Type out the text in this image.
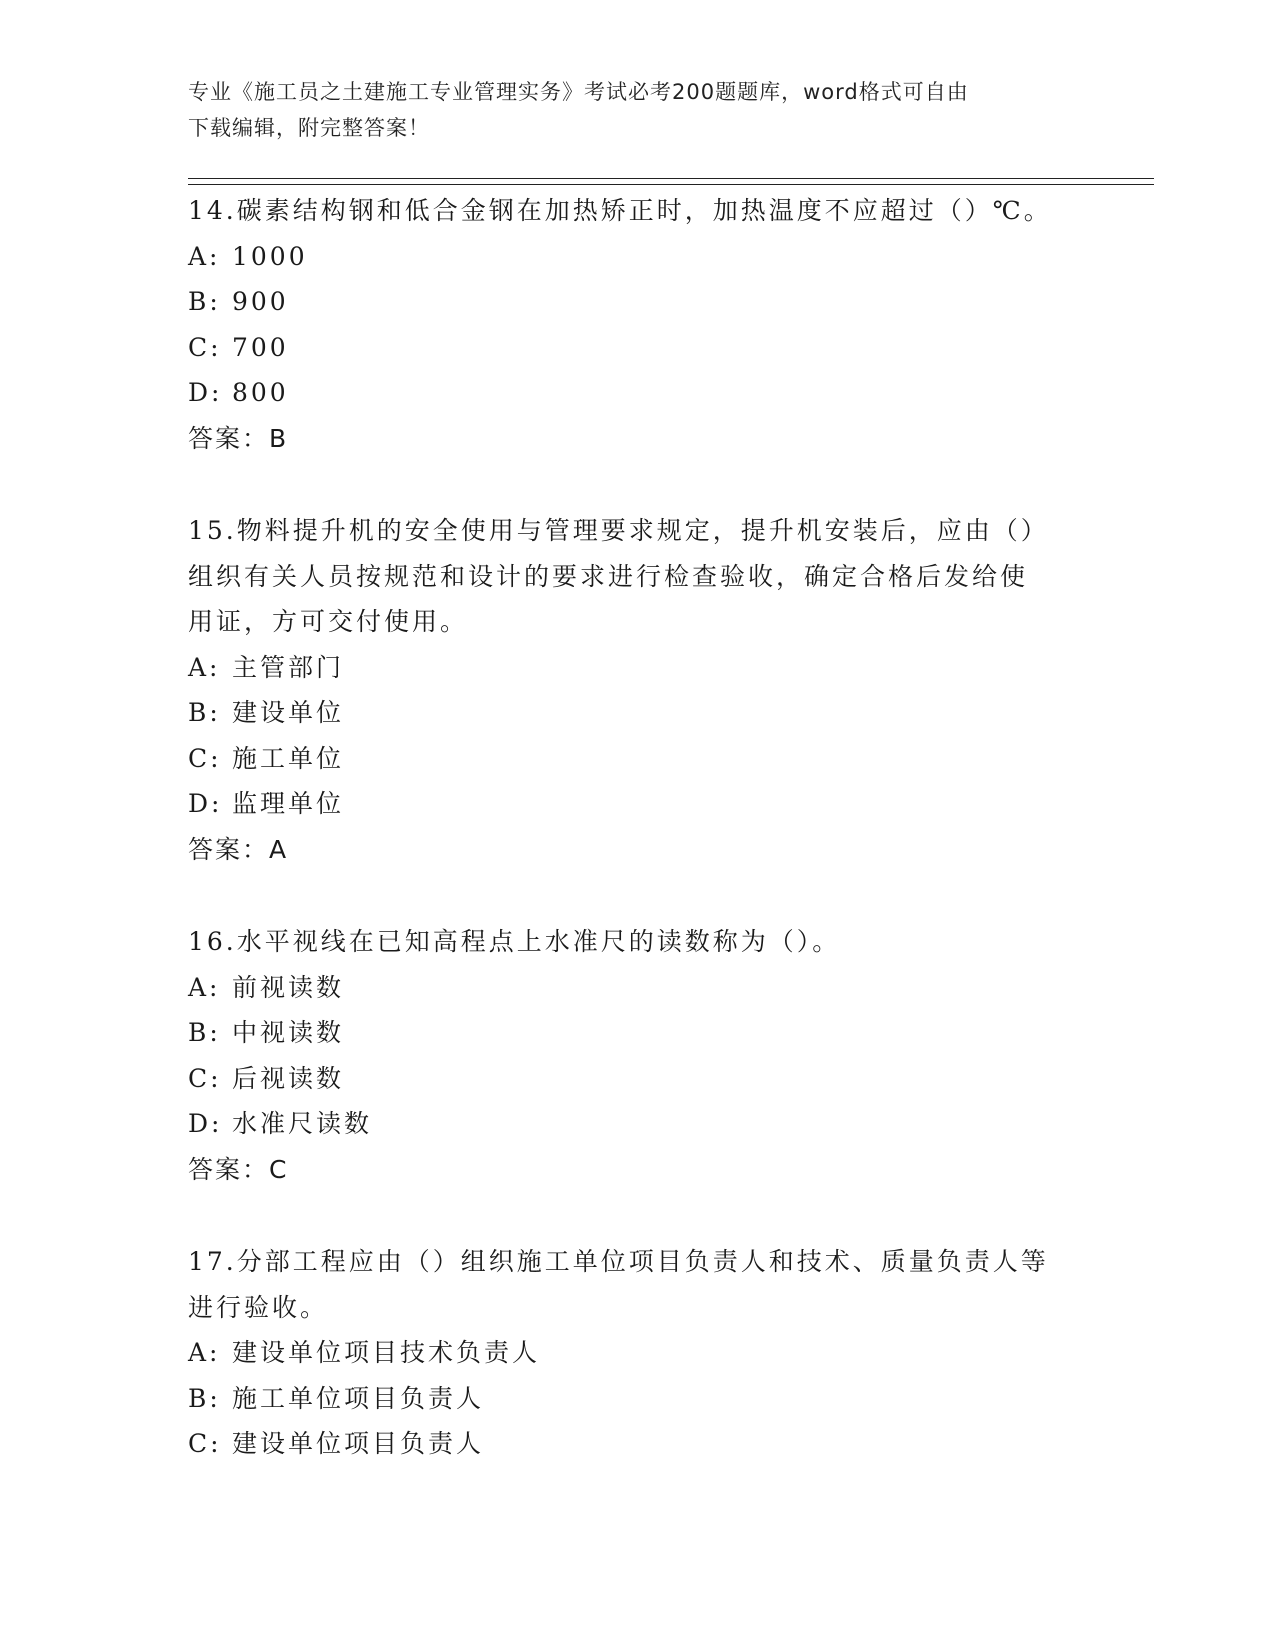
专业《施工员之土建施工专业管理实务》考试必考200题题库，word格式可自由
下载编辑，附完整答案！

14.碳素结构钢和低合金钢在加热矫正时，加热温度不应超过（）℃。

A: 1000

B: 900

C: 700

D: 800

答案：B

15.物料提升机的安全使用与管理要求规定，提升机安装后，应由（）

组织有关人员按规范和设计的要求进行检查验收，确定合格后发给使

用证，方可交付使用。

A: 主管部门

B: 建设单位

C: 施工单位

D: 监理单位

答案：A

16.水平视线在已知高程点上水准尺的读数称为（）。

A: 前视读数

B: 中视读数

C: 后视读数

D: 水准尺读数

答案：C

17.分部工程应由（）组织施工单位项目负责人和技术、质量负责人等

进行验收。

A: 建设单位项目技术负责人

B: 施工单位项目负责人

C: 建设单位项目负责人
